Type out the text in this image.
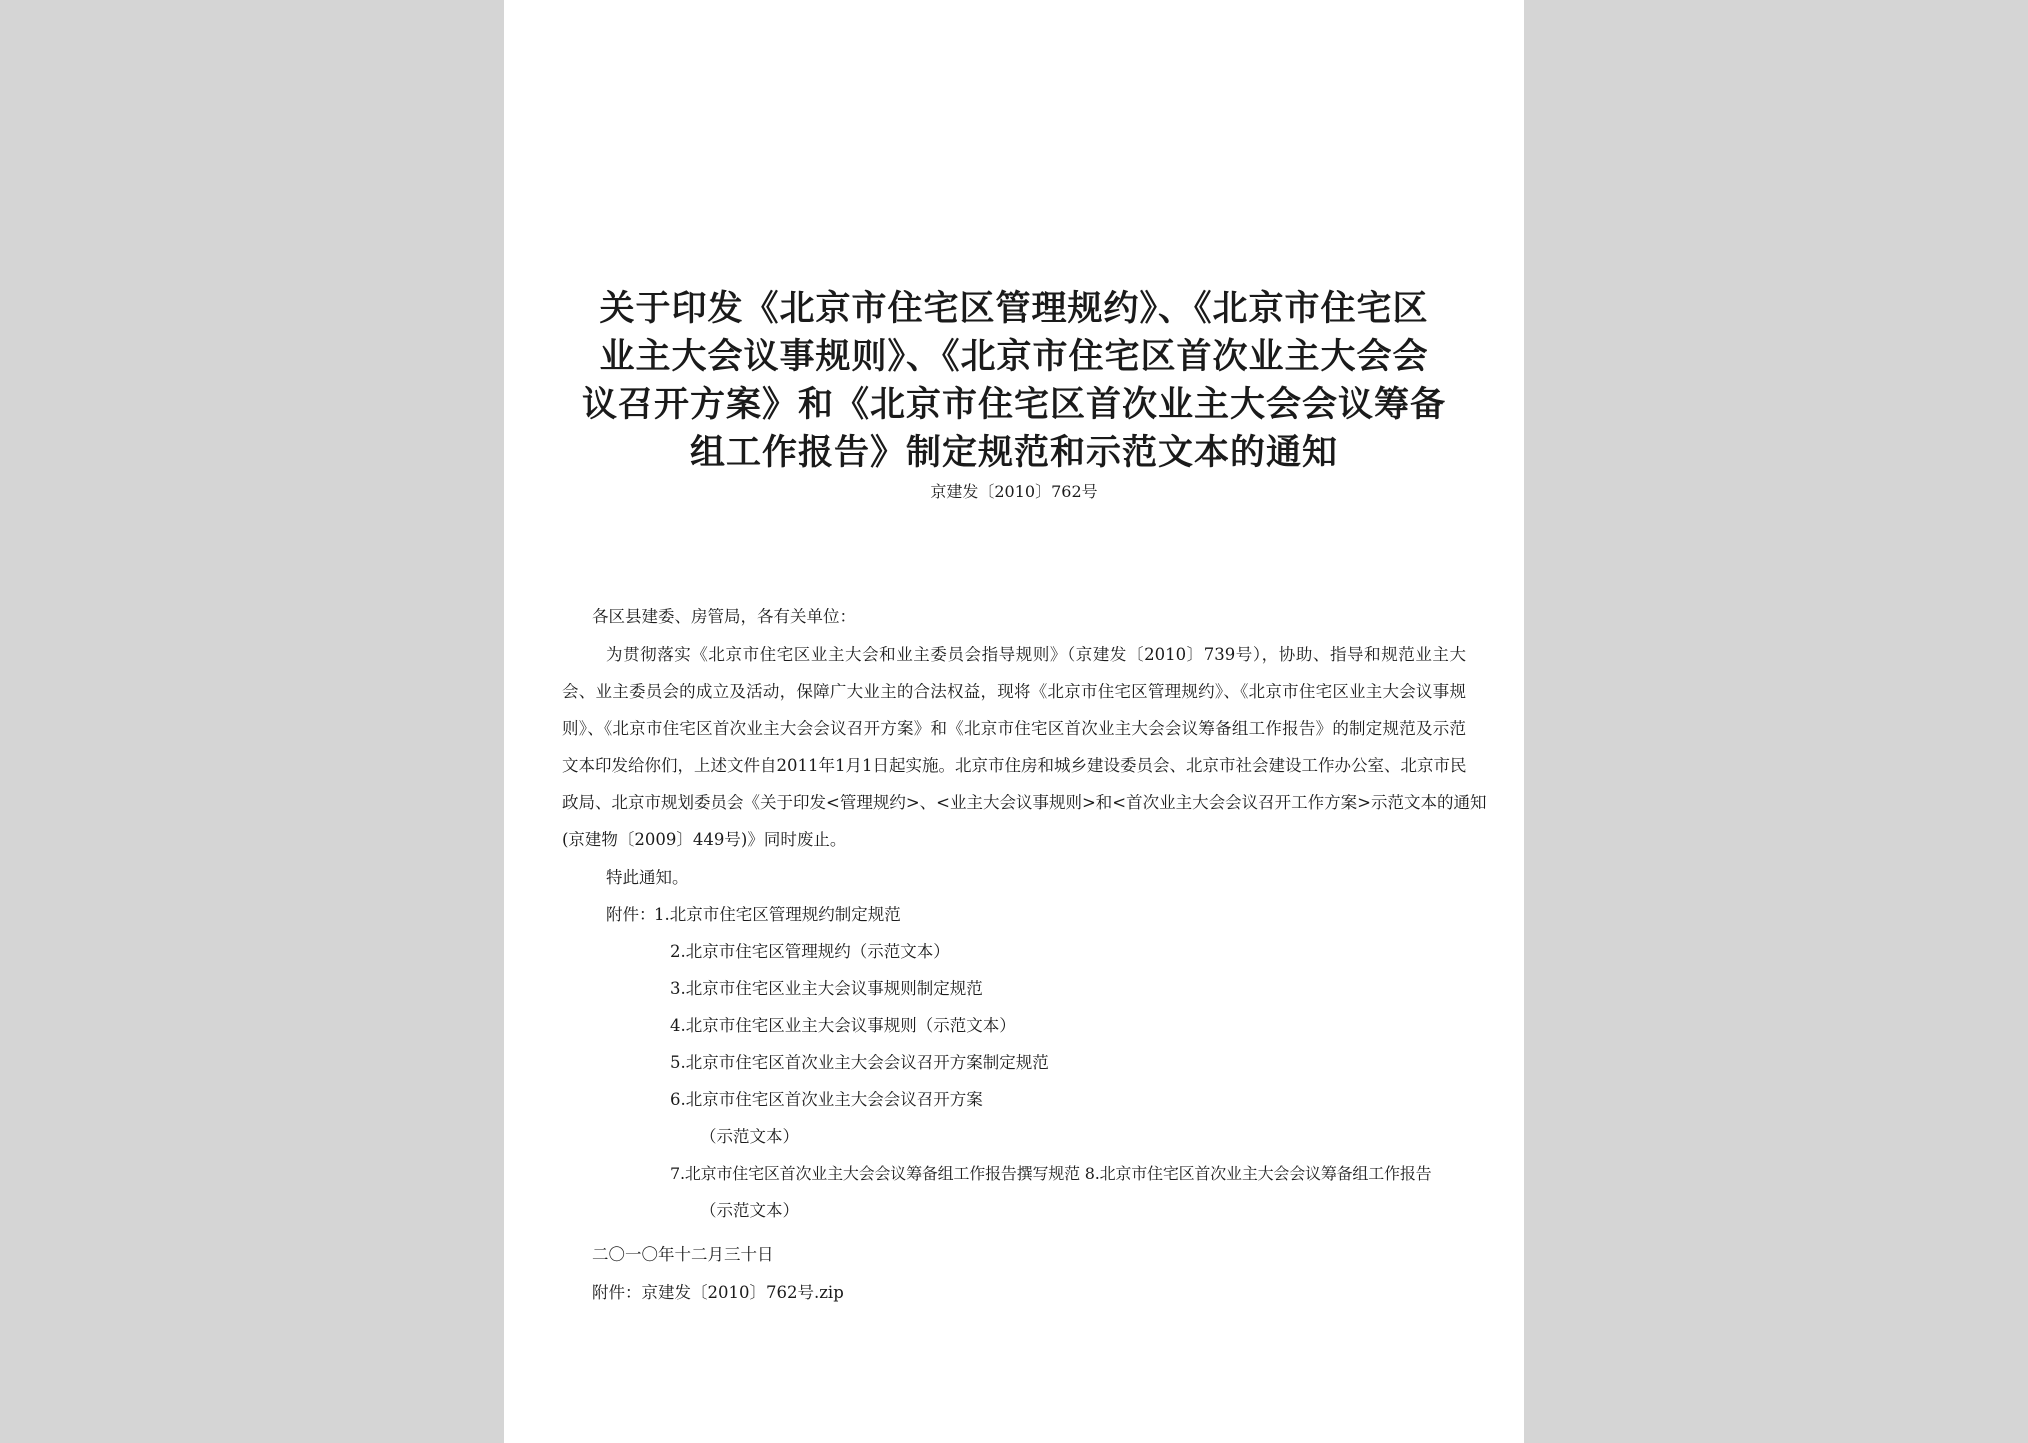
关于印发《北京市住宅区管理规约》、《北京市住宅区
业主大会议事规则》、《北京市住宅区首次业主大会会
议召开方案》和《北京市住宅区首次业主大会会议筹备
组工作报告》制定规范和示范文本的通知
京建发〔2010〕762号
各区县建委、房管局，各有关单位：
为贯彻落实《北京市住宅区业主大会和业主委员会指导规则》（京建发〔2010〕739号），协助、指导和规范业主大
会、业主委员会的成立及活动，保障广大业主的合法权益，现将《北京市住宅区管理规约》、《北京市住宅区业主大会议事规
则》、《北京市住宅区首次业主大会会议召开方案》和《北京市住宅区首次业主大会会议筹备组工作报告》的制定规范及示范
文本印发给你们，上述文件自2011年1月1日起实施。北京市住房和城乡建设委员会、北京市社会建设工作办公室、北京市民
政局、北京市规划委员会《关于印发<管理规约>、<业主大会议事规则>和<首次业主大会会议召开工作方案>示范文本的通知
(京建物〔2009〕449号)》同时废止。
特此通知。
附件：
1.北京市住宅区管理规约制定规范
2.北京市住宅区管理规约（示范文本）
3.北京市住宅区业主大会议事规则制定规范
4.北京市住宅区业主大会议事规则（示范文本）
5.北京市住宅区首次业主大会会议召开方案制定规范
6.北京市住宅区首次业主大会会议召开方案
（示范文本）
7.北京市住宅区首次业主大会会议筹备组工作报告撰写规范 8.北京市住宅区首次业主大会会议筹备组工作报告
（示范文本）
二〇一〇年十二月三十日
附件：京建发〔2010〕762号.zip
